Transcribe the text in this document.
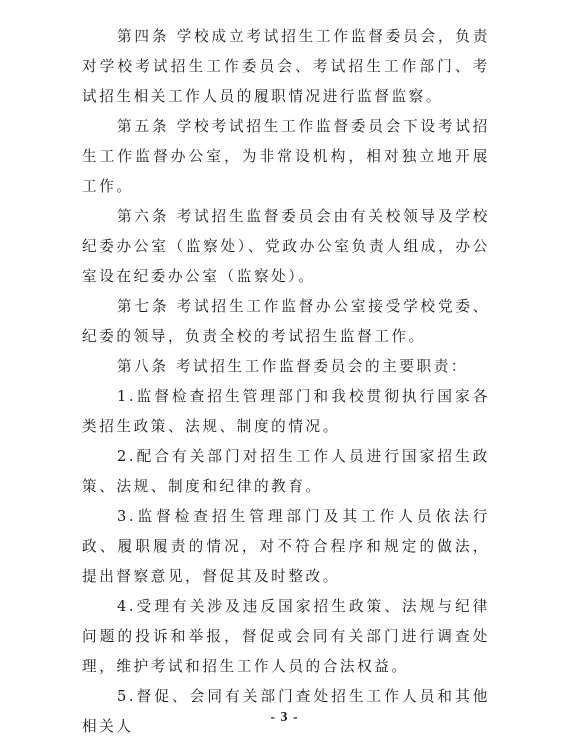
第四条 学校成立考试招生工作监督委员会，负责对学校考试招生工作委员会、考试招生工作部门、考试招生相关工作人员的履职情况进行监督监察。

第五条 学校考试招生工作监督委员会下设考试招生工作监督办公室，为非常设机构，相对独立地开展工作。

第六条 考试招生监督委员会由有关校领导及学校纪委办公室（监察处）、党政办公室负责人组成，办公室设在纪委办公室（监察处）。

第七条 考试招生工作监督办公室接受学校党委、纪委的领导，负责全校的考试招生监督工作。

第八条 考试招生工作监督委员会的主要职责：

1.监督检查招生管理部门和我校贯彻执行国家各类招生政策、法规、制度的情况。

2.配合有关部门对招生工作人员进行国家招生政策、法规、制度和纪律的教育。

3.监督检查招生管理部门及其工作人员依法行政、履职履责的情况，对不符合程序和规定的做法，提出督察意见，督促其及时整改。

4.受理有关涉及违反国家招生政策、法规与纪律问题的投诉和举报，督促或会同有关部门进行调查处理，维护考试和招生工作人员的合法权益。

5.督促、会同有关部门查处招生工作人员和其他相关人

- 3 -
